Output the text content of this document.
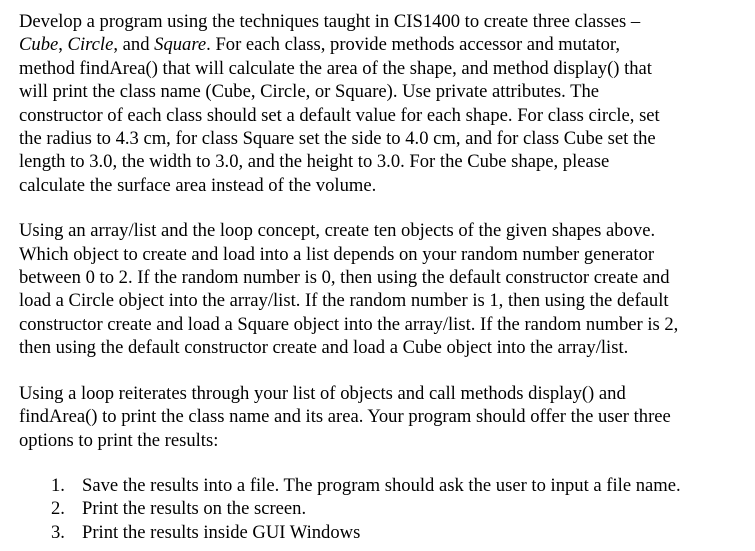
Develop a program using the techniques taught in CIS1400 to create three classes –
Cube, Circle, and Square. For each class, provide methods accessor and mutator,
method findArea() that will calculate the area of the shape, and method display() that
will print the class name (Cube, Circle, or Square). Use private attributes. The
constructor of each class should set a default value for each shape. For class circle, set
the radius to 4.3 cm, for class Square set the side to 4.0 cm, and for class Cube set the
length to 3.0, the width to 3.0, and the height to 3.0. For the Cube shape, please
calculate the surface area instead of the volume.

Using an array/list and the loop concept, create ten objects of the given shapes above.
Which object to create and load into a list depends on your random number generator
between 0 to 2. If the random number is 0, then using the default constructor create and
load a Circle object into the array/list. If the random number is 1, then using the default
constructor create and load a Square object into the array/list. If the random number is 2,
then using the default constructor create and load a Cube object into the array/list.

Using a loop reiterates through your list of objects and call methods display() and
findArea() to print the class name and its area. Your program should offer the user three
options to print the results:

1. Save the results into a file. The program should ask the user to input a file name.
2. Print the results on the screen.
3. Print the results inside GUI Windows
